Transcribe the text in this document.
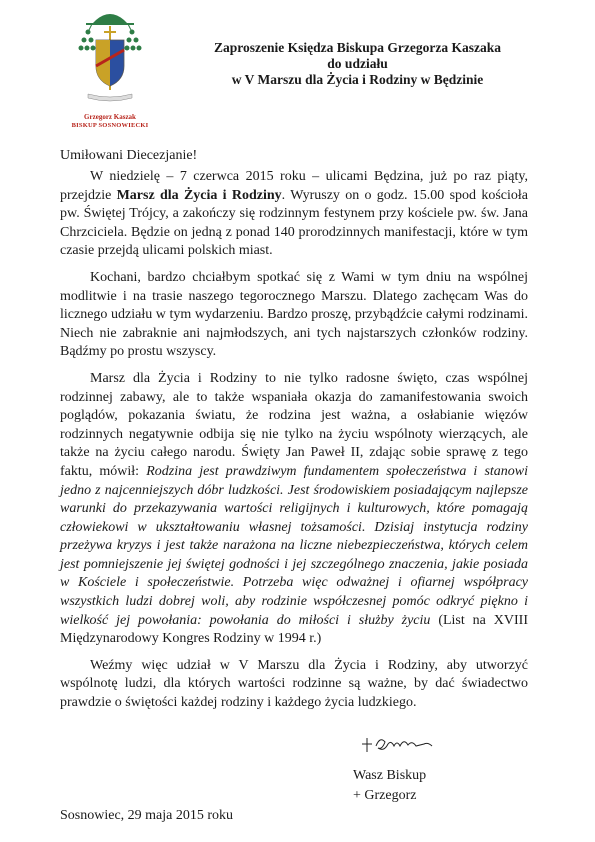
Grzegorz Kaszak
BISKUP SOSNOWIECKI
Zaproszenie Księdza Biskupa Grzegorza Kaszaka
do udziału
w V Marszu dla Życia i Rodziny w Będzinie
Umiłowani Diecezjanie!

W niedzielę – 7 czerwca 2015 roku – ulicami Będzina, już po raz piąty, przejdzie Marsz dla Życia i Rodziny. Wyruszy on o godz. 15.00 spod kościoła pw. Świętej Trójcy, a zakończy się rodzinnym festynem przy kościele pw. św. Jana Chrzciciela. Będzie on jedną z ponad 140 prorodzinnych manifestacji, które w tym czasie przejdą ulicami polskich miast.

Kochani, bardzo chciałbym spotkać się z Wami w tym dniu na wspólnej modlitwie i na trasie naszego tegorocznego Marszu. Dlatego zachęcam Was do licznego udziału w tym wydarzeniu. Bardzo proszę, przybądźcie całymi rodzinami. Niech nie zabraknie ani najmłodszych, ani tych najstarszych członków rodziny. Bądźmy po prostu wszyscy.

Marsz dla Życia i Rodziny to nie tylko radosne święto, czas wspólnej rodzinnej zabawy, ale to także wspaniała okazja do zamanifestowania swoich poglądów, pokazania światu, że rodzina jest ważna, a osłabianie więzów rodzinnych negatywnie odbija się nie tylko na życiu wspólnoty wierzących, ale także na życiu całego narodu. Święty Jan Paweł II, zdając sobie sprawę z tego faktu, mówił: Rodzina jest prawdziwym fundamentem społeczeństwa i stanowi jedno z najcenniejszych dóbr ludzkości. Jest środowiskiem posiadającym najlepsze warunki do przekazywania wartości religijnych i kulturowych, które pomagają człowiekowi w ukształtowaniu własnej tożsamości. Dzisiaj instytucja rodziny przeżywa kryzys i jest także narażona na liczne niebezpieczeństwa, których celem jest pomniejszenie jej świętej godności i jej szczególnego znaczenia, jakie posiada w Kościele i społeczeństwie. Potrzeba więc odważnej i ofiarnej współpracy wszystkich ludzi dobrej woli, aby rodzinie współczesnej pomóc odkryć piękno i wielkość jej powołania: powołania do miłości i służby życiu (List na XVIII Międzynarodowy Kongres Rodziny w 1994 r.)

Weźmy więc udział w V Marszu dla Życia i Rodziny, aby utworzyć wspólnotę ludzi, dla których wartości rodzinne są ważne, by dać świadectwo prawdzie o świętości każdej rodziny i każdego życia ludzkiego.

Wasz Biskup
+ Grzegorz
Sosnowiec, 29 maja 2015 roku
